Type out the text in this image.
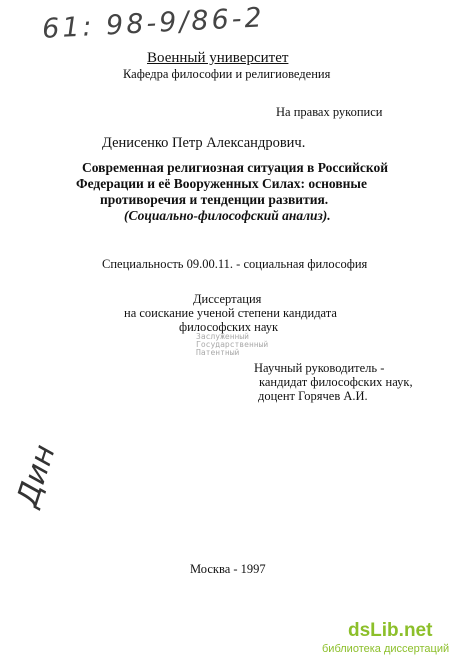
61: 98-9/86-2
Военный университет
Кафедра философии и религиоведения
На правах рукописи
Денисенко Петр Александрович.
Современная религиозная ситуация в Российской
Федерации и её Вооруженных Силах: основные
противоречия и тенденции развития.
(Социально-философский анализ).
Специальность 09.00.11. - социальная философия
Диссертация
на соискание ученой степени кандидата
философских наук
Заслуженный
Государственный
Патентный
Научный руководитель -
кандидат философских наук,
доцент Горячев А.И.
Дин
Москва - 1997
dsLib.net
библиотека диссертаций
